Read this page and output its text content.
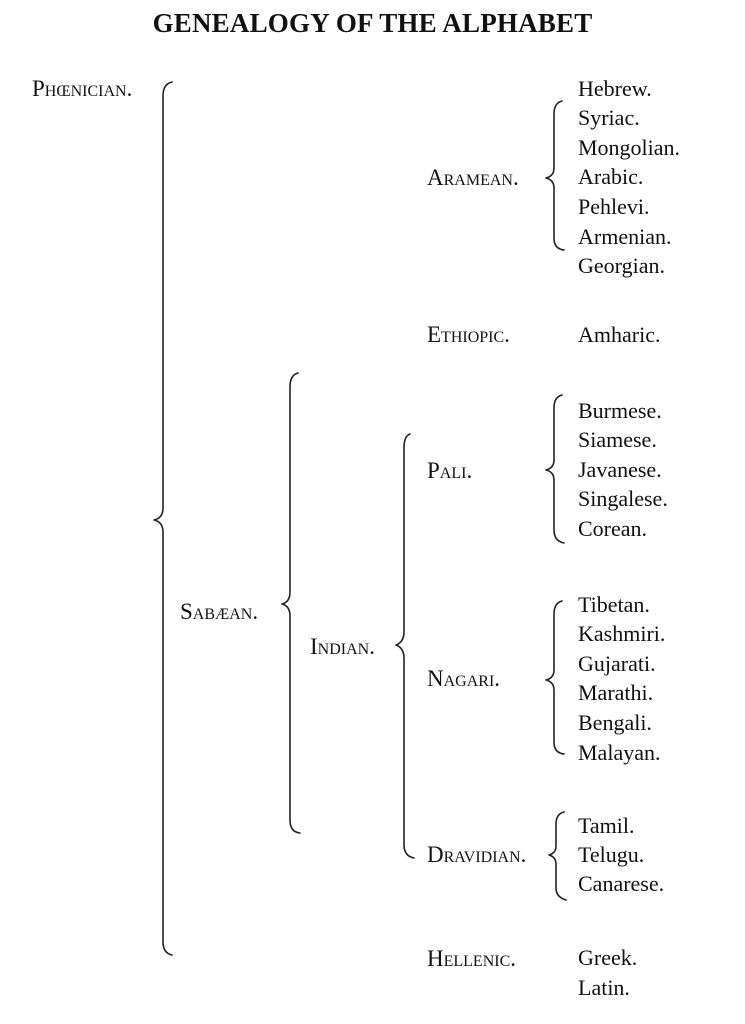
GENEALOGY OF THE ALPHABET
Phœnician.
Sabæan.
Indian.
Aramean.
Ethiopic.
Pali.
Nagari.
Dravidian.
Hellenic.
Hebrew.
Syriac.
Mongolian.
Arabic.
Pehlevi.
Armenian.
Georgian.
Amharic.
Burmese.
Siamese.
Javanese.
Singalese.
Corean.
Tibetan.
Kashmiri.
Gujarati.
Marathi.
Bengali.
Malayan.
Tamil.
Telugu.
Canarese.
Greek.
Latin.
